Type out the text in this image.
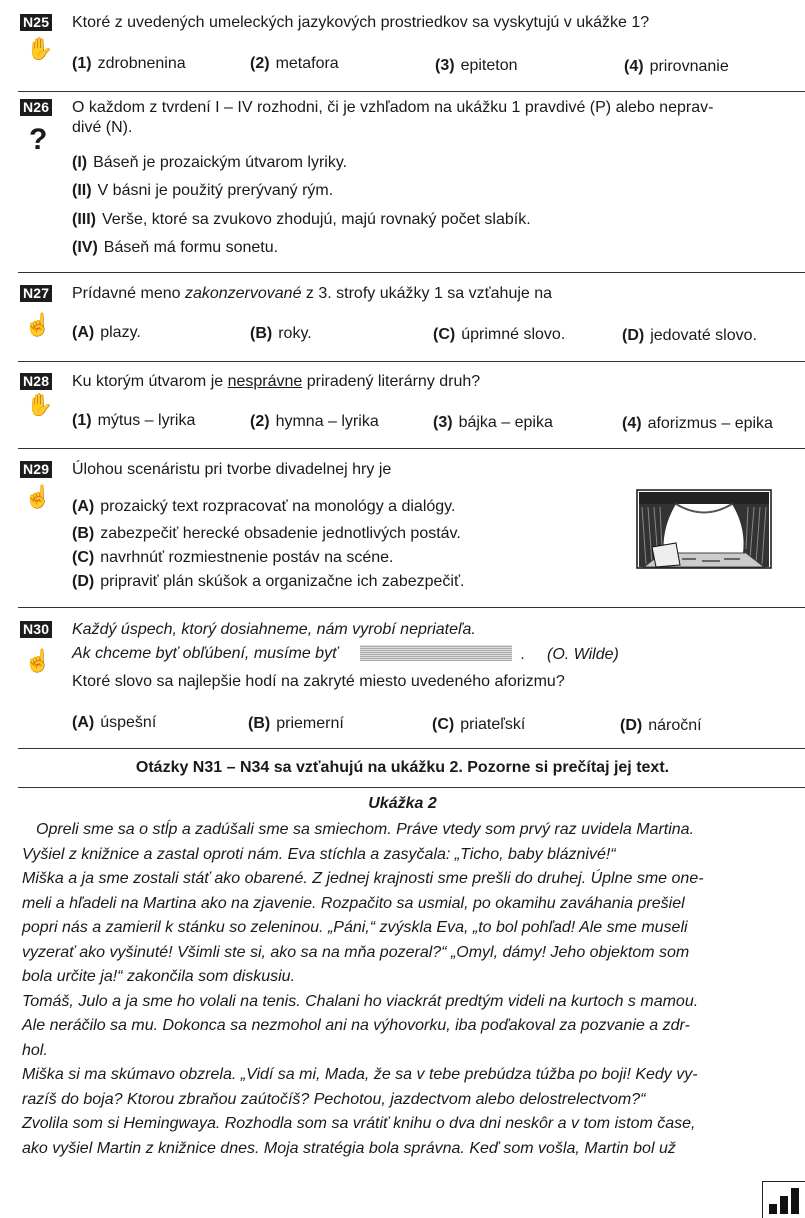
N25 Ktoré z uvedených umeleckých jazykových prostriedkov sa vyskytujú v ukážke 1?
✋
(1) zdrobnenina	(2) metafora	(3) epiteton	(4) prirovnanie
N26 O každom z tvrdení I – IV rozhodni, či je vzhľadom na ukážku 1 pravdivé (P) alebo neprav-
divé (N).
?
(I) Báseň je prozaickým útvarom lyriky.
(II) V básni je použitý prerývaný rým.
(III) Verše, ktoré sa zvukovo zhodujú, majú rovnaký počet slabík.
(IV) Báseň má formu sonetu.
N27 Prídavné meno zakonzervované z 3. strofy ukážky 1 sa vzťahuje na
☝ (A) plazy.	(B) roky.	(C) úprimné slovo.	(D) jedovaté slovo.
N28 Ku ktorým útvarom je nesprávne priradený literárny druh?
✋
(1) mýtus – lyrika	(2) hymna – lyrika	(3) bájka – epika	(4) aforizmus – epika
N29 Úlohou scenáristu pri tvorbe divadelnej hry je
☝ (A) prozaický text rozpracovať na monológy a dialógy.
(B) zabezpečiť herecké obsadenie jednotlivých postáv.
(C) navrhnúť rozmiestnenie postáv na scéne.
(D) pripraviť plán skúšok a organizačne ich zabezpečiť.
N30 Každý úspech, ktorý dosiahneme, nám vyrobí nepriateľa.
Ak chceme byť obľúbení, musíme byť	. (O. Wilde)
☝
Ktoré slovo sa najlepšie hodí na zakryté miesto uvedeného aforizmu?
(A) úspešní	(B) priemerní	(C) priateľskí	(D) nároční
Otázky N31 – N34 sa vzťahujú na ukážku 2. Pozorne si prečítaj jej text.
Ukážka 2

Opreli sme sa o stĺp a zadúšali sme sa smiechom. Práve vtedy som prvý raz uvidela Martina.

Vyšiel z knižnice a zastal oproti nám. Eva stíchla a zasyčala: „Ticho, baby bláznivé!“

Miška a ja sme zostali stáť ako obarené. Z jednej krajnosti sme prešli do druhej. Úplne sme one-

meli a hľadeli na Martina ako na zjavenie. Rozpačito sa usmial, po okamihu zaváhania prešiel

popri nás a zamieril k stánku so zeleninou. „Páni,“ zvýskla Eva, „to bol pohľad! Ale sme museli

vyzerať ako vyšinuté! Všimli ste si, ako sa na mňa pozeral?“ „Omyl, dámy! Jeho objektom som

bola určite ja!“ zakončila som diskusiu.

Tomáš, Julo a ja sme ho volali na tenis. Chalani ho viackrát predtým videli na kurtoch s mamou.

Ale neráčilo sa mu. Dokonca sa nezmohol ani na výhovorku, iba poďakoval za pozvanie a zdr-

hol.

Miška si ma skúmavo obzrela. „Vidí sa mi, Mada, že sa v tebe prebúdza túžba po boji! Kedy vy-

razíš do boja? Ktorou zbraňou zaútočíš? Pechotou, jazdectvom alebo delostrelectvom?“

Zvolila som si Hemingwaya. Rozhodla som sa vrátiť knihu o dva dni neskôr a v tom istom čase,

ako vyšiel Martin z knižnice dnes. Moja stratégia bola správna. Keď som vošla, Martin bol už
